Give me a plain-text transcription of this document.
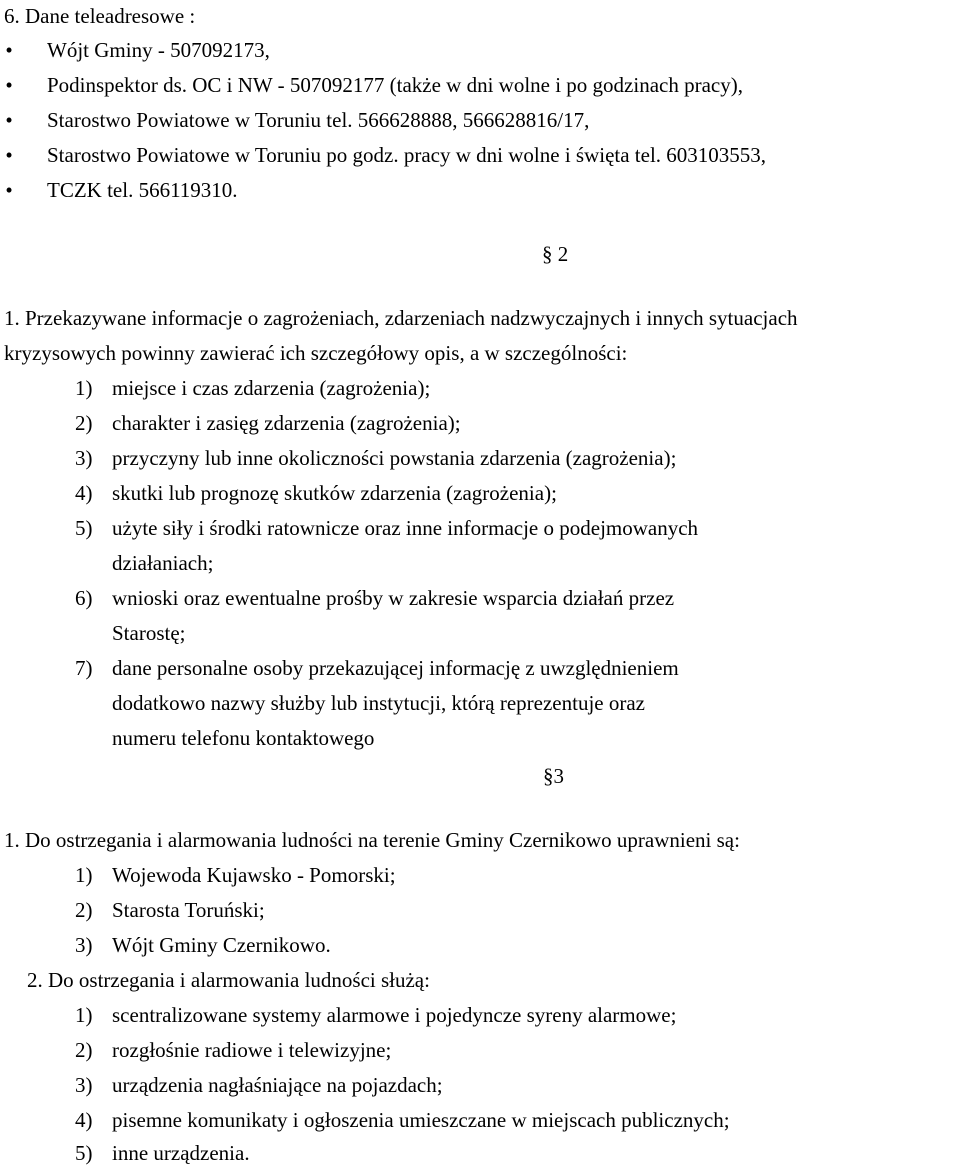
6. Dane teleadresowe :
• Wójt Gminy - 507092173,
• Podinspektor ds. OC i NW - 507092177 (także w dni wolne i po godzinach pracy),
• Starostwo Powiatowe w Toruniu tel. 566628888, 566628816/17,
• Starostwo Powiatowe w Toruniu po godz. pracy w dni wolne i święta tel. 603103553,
• TCZK tel. 566119310.
§ 2
1. Przekazywane informacje o zagrożeniach, zdarzeniach nadzwyczajnych i innych sytuacjach
kryzysowych powinny zawierać ich szczegółowy opis, a w szczególności:
1) miejsce i czas zdarzenia (zagrożenia);
2) charakter i zasięg zdarzenia (zagrożenia);
3) przyczyny lub inne okoliczności powstania zdarzenia (zagrożenia);
4) skutki lub prognozę skutków zdarzenia (zagrożenia);
5) użyte siły i środki ratownicze oraz inne informacje o podejmowanych
działaniach;
6) wnioski oraz ewentualne prośby w zakresie wsparcia działań przez
Starostę;
7) dane personalne osoby przekazującej informację z uwzględnieniem
dodatkowo nazwy służby lub instytucji, którą reprezentuje oraz
numeru telefonu kontaktowego
§3
1. Do ostrzegania i alarmowania ludności na terenie Gminy Czernikowo uprawnieni są:
1) Wojewoda Kujawsko - Pomorski;
2) Starosta Toruński;
3) Wójt Gminy Czernikowo.
2. Do ostrzegania i alarmowania ludności służą:
1) scentralizowane systemy alarmowe i pojedyncze syreny alarmowe;
2) rozgłośnie radiowe i telewizyjne;
3) urządzenia nagłaśniające na pojazdach;
4) pisemne komunikaty i ogłoszenia umieszczane w miejscach publicznych;
5) inne urządzenia.
